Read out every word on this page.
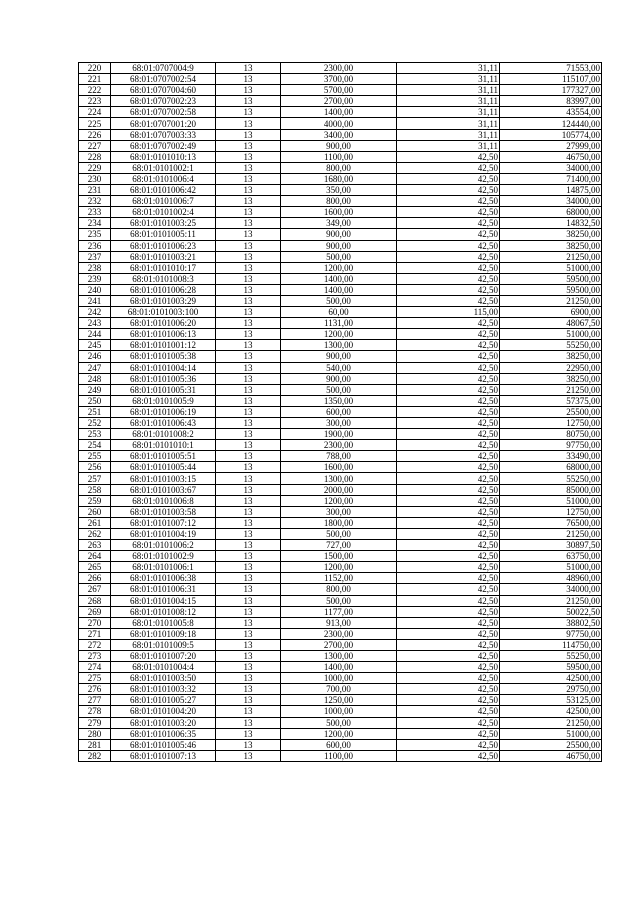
220	68:01:0707004:9	13	2300,00	31,11	71553,00
221	68:01:0707002:54	13	3700,00	31,11	115107,00
222	68:01:0707004:60	13	5700,00	31,11	177327,00
223	68:01:0707002:23	13	2700,00	31,11	83997,00
224	68:01:0707002:58	13	1400,00	31,11	43554,00
225	68:01:0707001:20	13	4000,00	31,11	124440,00
226	68:01:0707003:33	13	3400,00	31,11	105774,00
227	68:01:0707002:49	13	900,00	31,11	27999,00
228	68:01:0101010:13	13	1100,00	42,50	46750,00
229	68:01:0101002:1	13	800,00	42,50	34000,00
230	68:01:0101006:4	13	1680,00	42,50	71400,00
231	68:01:0101006:42	13	350,00	42,50	14875,00
232	68:01:0101006:7	13	800,00	42,50	34000,00
233	68:01:0101002:4	13	1600,00	42,50	68000,00
234	68:01:0101003:25	13	349,00	42,50	14832,50
235	68:01:0101005:11	13	900,00	42,50	38250,00
236	68:01:0101006:23	13	900,00	42,50	38250,00
237	68:01:0101003:21	13	500,00	42,50	21250,00
238	68:01:0101010:17	13	1200,00	42,50	51000,00
239	68:01:0101008:3	13	1400,00	42,50	59500,00
240	68:01:0101006:28	13	1400,00	42,50	59500,00
241	68:01:0101003:29	13	500,00	42,50	21250,00
242	68:01:0101003:100	13	60,00	115,00	6900,00
243	68:01:0101006:20	13	1131,00	42,50	48067,50
244	68:01:0101006:13	13	1200,00	42,50	51000,00
245	68:01:0101001:12	13	1300,00	42,50	55250,00
246	68:01:0101005:38	13	900,00	42,50	38250,00
247	68:01:0101004:14	13	540,00	42,50	22950,00
248	68:01:0101005:36	13	900,00	42,50	38250,00
249	68:01:0101005:31	13	500,00	42,50	21250,00
250	68:01:0101005:9	13	1350,00	42,50	57375,00
251	68:01:0101006:19	13	600,00	42,50	25500,00
252	68:01:0101006:43	13	300,00	42,50	12750,00
253	68:01:0101008:2	13	1900,00	42,50	80750,00
254	68:01:0101010:1	13	2300,00	42,50	97750,00
255	68:01:0101005:51	13	788,00	42,50	33490,00
256	68:01:0101005:44	13	1600,00	42,50	68000,00
257	68:01:0101003:15	13	1300,00	42,50	55250,00
258	68:01:0101003:67	13	2000,00	42,50	85000,00
259	68:01:0101006:8	13	1200,00	42,50	51000,00
260	68:01:0101003:58	13	300,00	42,50	12750,00
261	68:01:0101007:12	13	1800,00	42,50	76500,00
262	68:01:0101004:19	13	500,00	42,50	21250,00
263	68:01:0101006:2	13	727,00	42,50	30897,50
264	68:01:0101002:9	13	1500,00	42,50	63750,00
265	68:01:0101006:1	13	1200,00	42,50	51000,00
266	68:01:0101006:38	13	1152,00	42,50	48960,00
267	68:01:0101006:31	13	800,00	42,50	34000,00
268	68:01:0101004:15	13	500,00	42,50	21250,00
269	68:01:0101008:12	13	1177,00	42,50	50022,50
270	68:01:0101005:8	13	913,00	42,50	38802,50
271	68:01:0101009:18	13	2300,00	42,50	97750,00
272	68:01:0101009:5	13	2700,00	42,50	114750,00
273	68:01:0101007:20	13	1300,00	42,50	55250,00
274	68:01:0101004:4	13	1400,00	42,50	59500,00
275	68:01:0101003:50	13	1000,00	42,50	42500,00
276	68:01:0101003:32	13	700,00	42,50	29750,00
277	68:01:0101005:27	13	1250,00	42,50	53125,00
278	68:01:0101004:20	13	1000,00	42,50	42500,00
279	68:01:0101003:20	13	500,00	42,50	21250,00
280	68:01:0101006:35	13	1200,00	42,50	51000,00
281	68:01:0101005:46	13	600,00	42,50	25500,00
282	68:01:0101007:13	13	1100,00	42,50	46750,00
